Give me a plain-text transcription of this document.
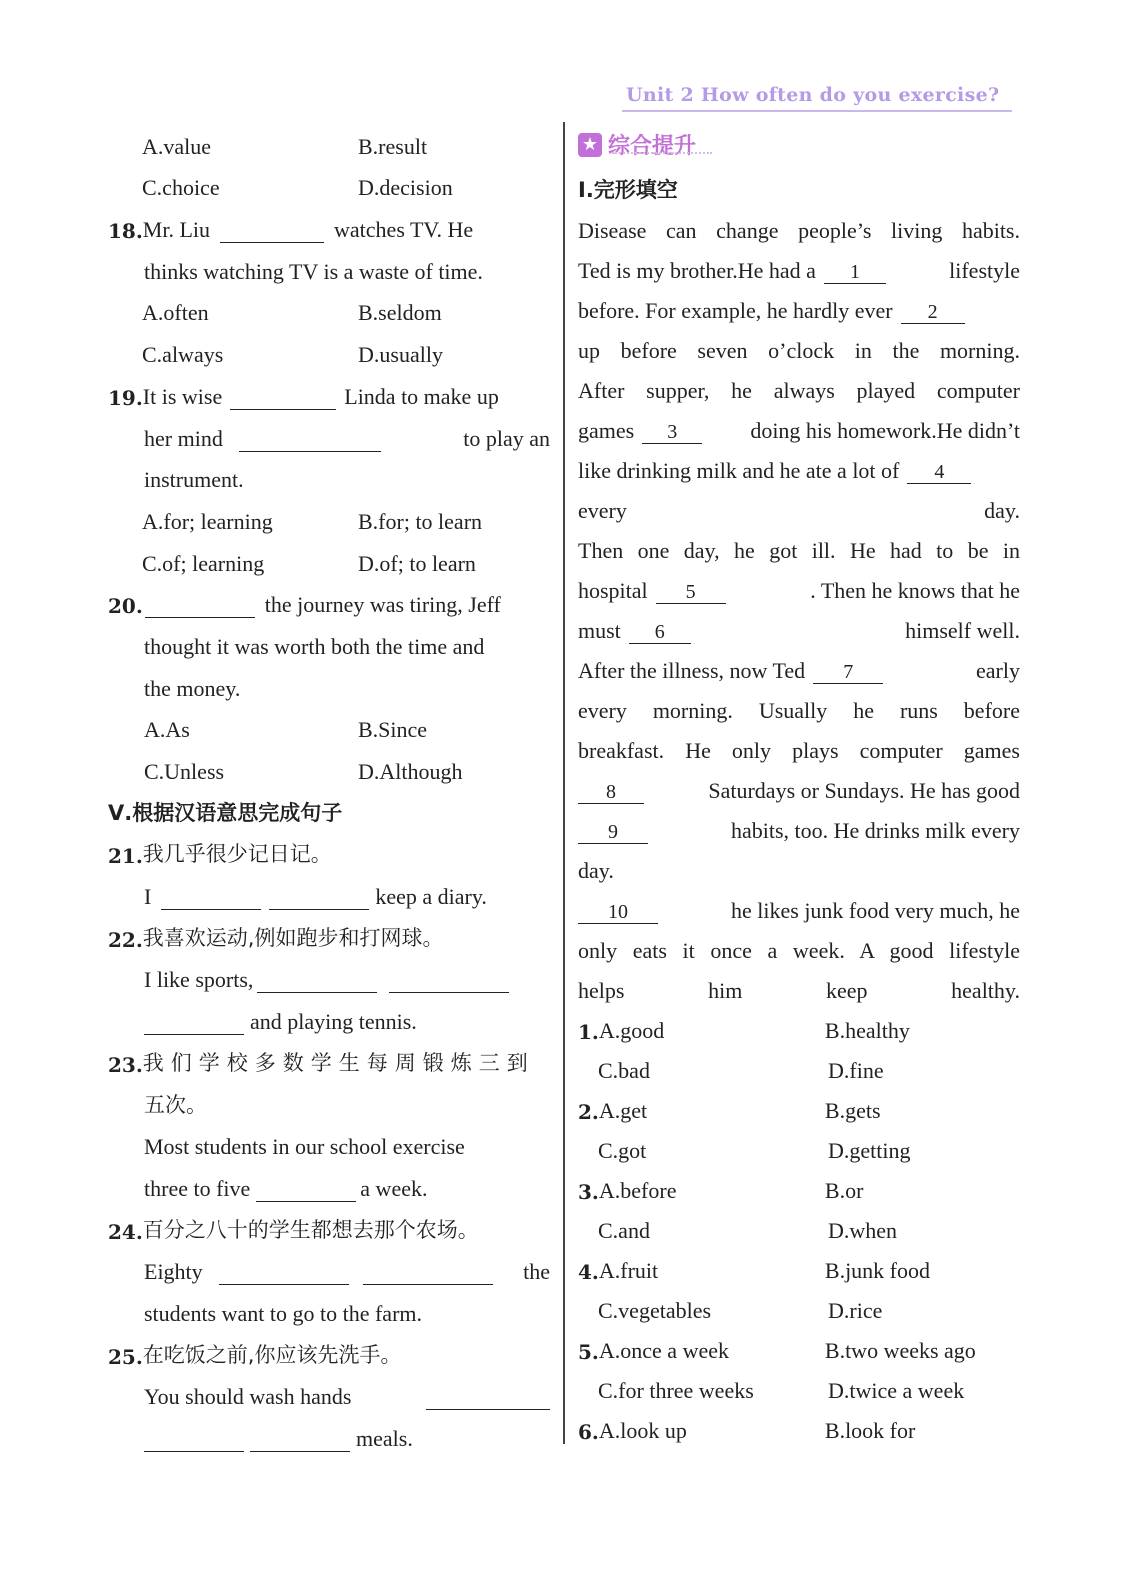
Unit 2 How often do you exercise?
A.value	B.result
C.choice	D.decision
18. Mr. Liu	watches TV. He
thinks watching TV is a waste of time.
A.often	B.seldom
C.always	D.usually
19. It is wise	Linda to make up
her mind	to play an
instrument.
A.for; learning	B.for; to learn
C.of; learning	D.of; to learn
20.	the journey was tiring, Jeff
thought it was worth both the time and
the money.
A.As	B.Since
C.Unless	D.Although
Ⅴ.根据汉语意思完成句子
21. 我几乎很少记日记。
I	keep a diary.
22. 我喜欢运动,例如跑步和打网球。
I like sports,
and playing tennis.
23. 我们学校多数学生每周锻炼三到
五次。
Most students in our school exercise
three to five	a week.
24. 百分之八十的学生都想去那个农场。
Eighty	the
students want to go to the farm.
25. 在吃饭之前,你应该先洗手。
You should wash hands
meals.
★ 综合提升
Ⅰ.完形填空
Disease can change people’s living habits.
Ted is my brother.He had a	1	lifestyle
before. For example, he hardly ever	2
up before seven o’clock in the morning.
After supper, he always played computer
games	3	doing his homework.He didn’t
like drinking milk and he ate a lot of	4
every day.
Then one day, he got ill. He had to be in
hospital	5	. Then he knows that he
must	6	himself well.
After the illness, now Ted	7	early
every morning. Usually he runs before
breakfast. He only plays computer games
8	Saturdays or Sundays. He has good
9	habits, too. He drinks milk every
day.
10	he likes junk food very much, he
only eats it once a week. A good lifestyle
helps him keep healthy.
1. A.good	B.healthy
C.bad	D.fine
2. A.get	B.gets
C.got	D.getting
3. A.before	B.or
C.and	D.when
4. A.fruit	B.junk food
C.vegetables	D.rice
5. A.once a week	B.two weeks ago
C.for three weeks	D.twice a week
6. A.look up	B.look for
